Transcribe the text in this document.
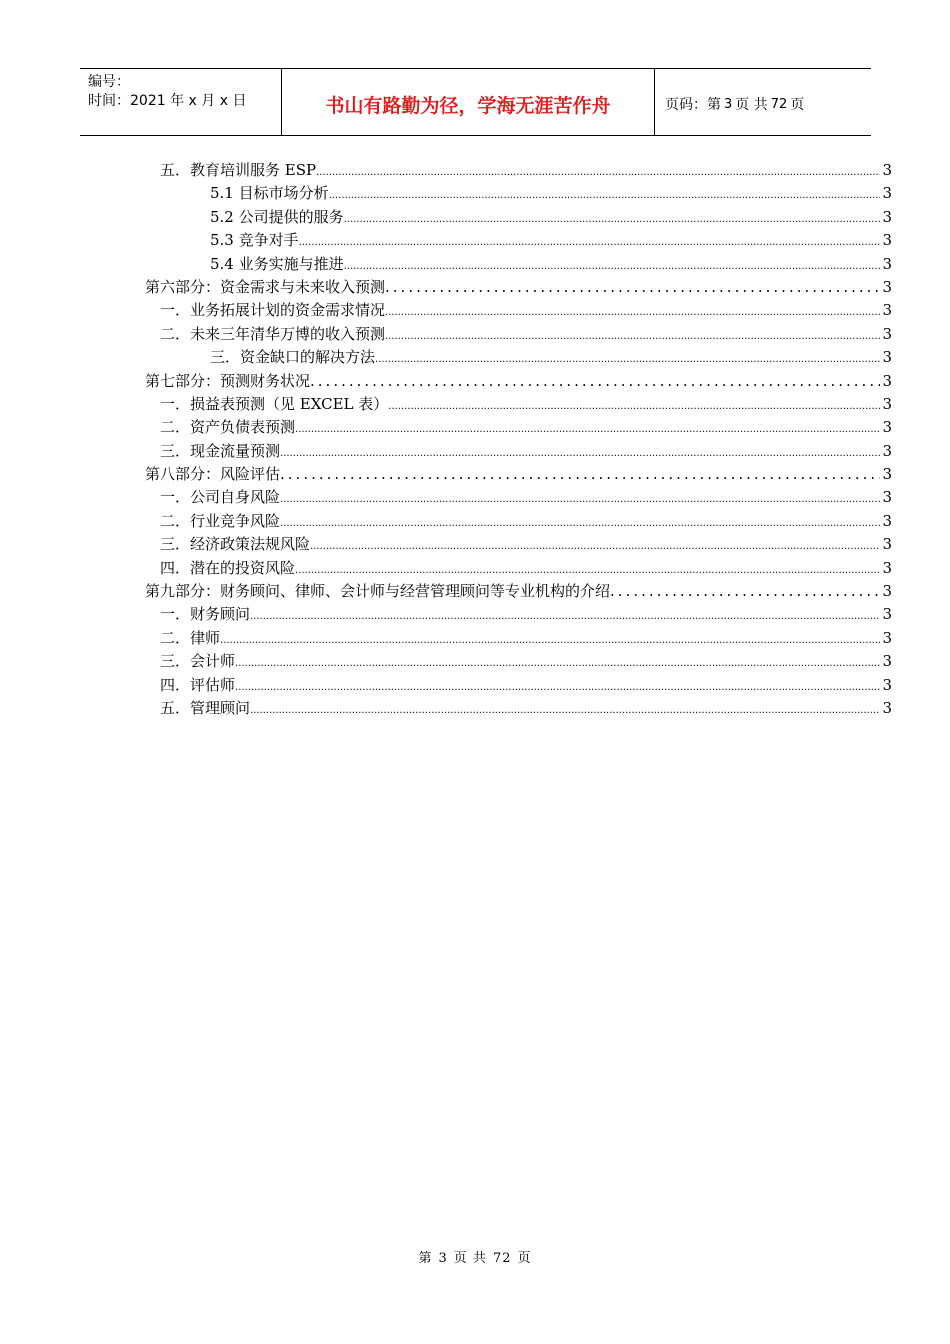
编号：
时间：2021 年 x 月 x 日	书山有路勤为径，学海无涯苦作舟	页码：第 3 页 共 72 页
五．教育培训服务 ESP .....	3
5.1 目标市场分析 .....	3
5.2 公司提供的服务 .....	3
5.3 竞争对手 .....	3
5.4 业务实施与推进 .....	3
第六部分：资金需求与未来收入预测 .....	3
一．业务拓展计划的资金需求情况 .....	3
二．未来三年清华万博的收入预测 .....	3
三．资金缺口的解决方法 .....	3
第七部分：预测财务状况 .....	3
一．损益表预测（见 EXCEL 表） .....	3
二．资产负债表预测 .....	3
三．现金流量预测 .....	3
第八部分：风险评估 .....	3
一．公司自身风险 .....	3
二．行业竞争风险 .....	3
三．经济政策法规风险 .....	3
四．潜在的投资风险 .....	3
第九部分：财务顾问、律师、会计师与经营管理顾问等专业机构的介绍 .....	3
一．财务顾问 .....	3
二．律师 .....	3
三．会计师 .....	3
四．评估师 .....	3
五．管理顾问 .....	3
第 3 页 共 72 页
